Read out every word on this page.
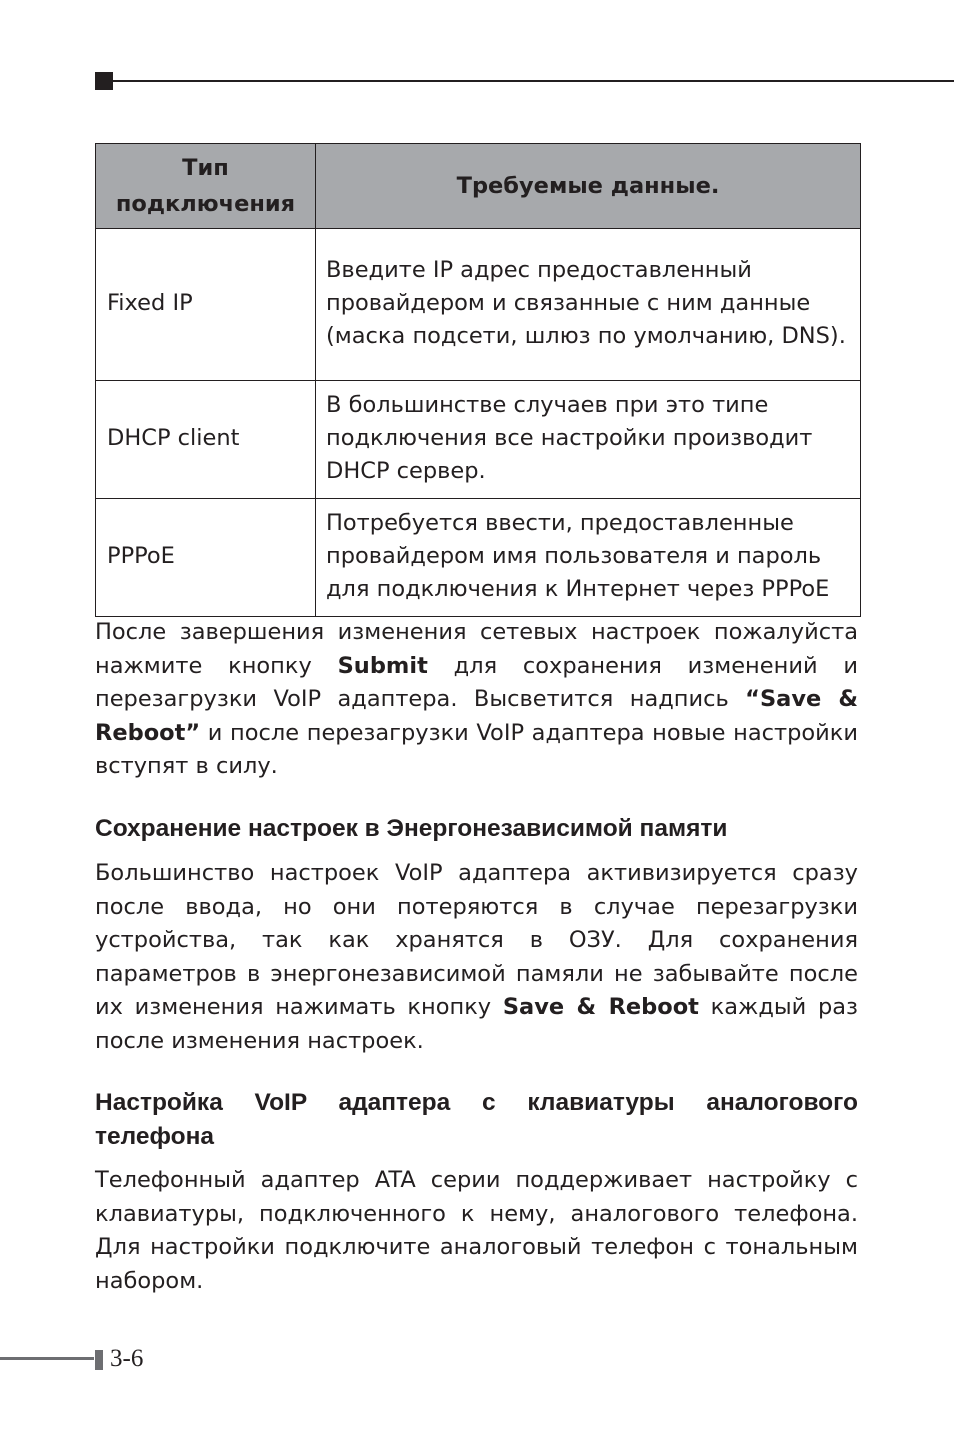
Тип подключения	Требуемые данные.
Fixed IP	Введите IP адрес предоставленный провайдером и связанные с ним данные (маска подсети, шлюз по умолчанию, DNS).
DHCP client	В большинстве случаев при это типе подключения все настройки производит DHCP сервер.
PPPoE	Потребуется ввести, предоставленные провайдером имя пользователя и пароль для подключения к Интернет через PPPoE

После завершения изменения сетевых настроек пожалуйста нажмите кнопку Submit для сохранения изменений и перезагрузки VoIP адаптера. Высветится надпись “Save & Reboot” и после перезагрузки VoIP адаптера новые настройки вступят в силу.

Сохранение настроек в Энергонезависимой памяти

Большинство настроек VoIP адаптера активизируется сразу после ввода, но они потеряются в случае перезагрузки устройства, так как хранятся в ОЗУ. Для сохранения параметров в энергонезависимой памяли не забывайте после их изменения нажимать кнопку Save & Reboot каждый раз после изменения настроек.

Настройка VoIP адаптера с клавиатуры аналогового телефона

Телефонный адаптер ATA серии поддерживает настройку с клавиатуры, подключенного к нему, аналогового телефона. Для настройки подключите аналоговый телефон с тональным набором.

3-6
